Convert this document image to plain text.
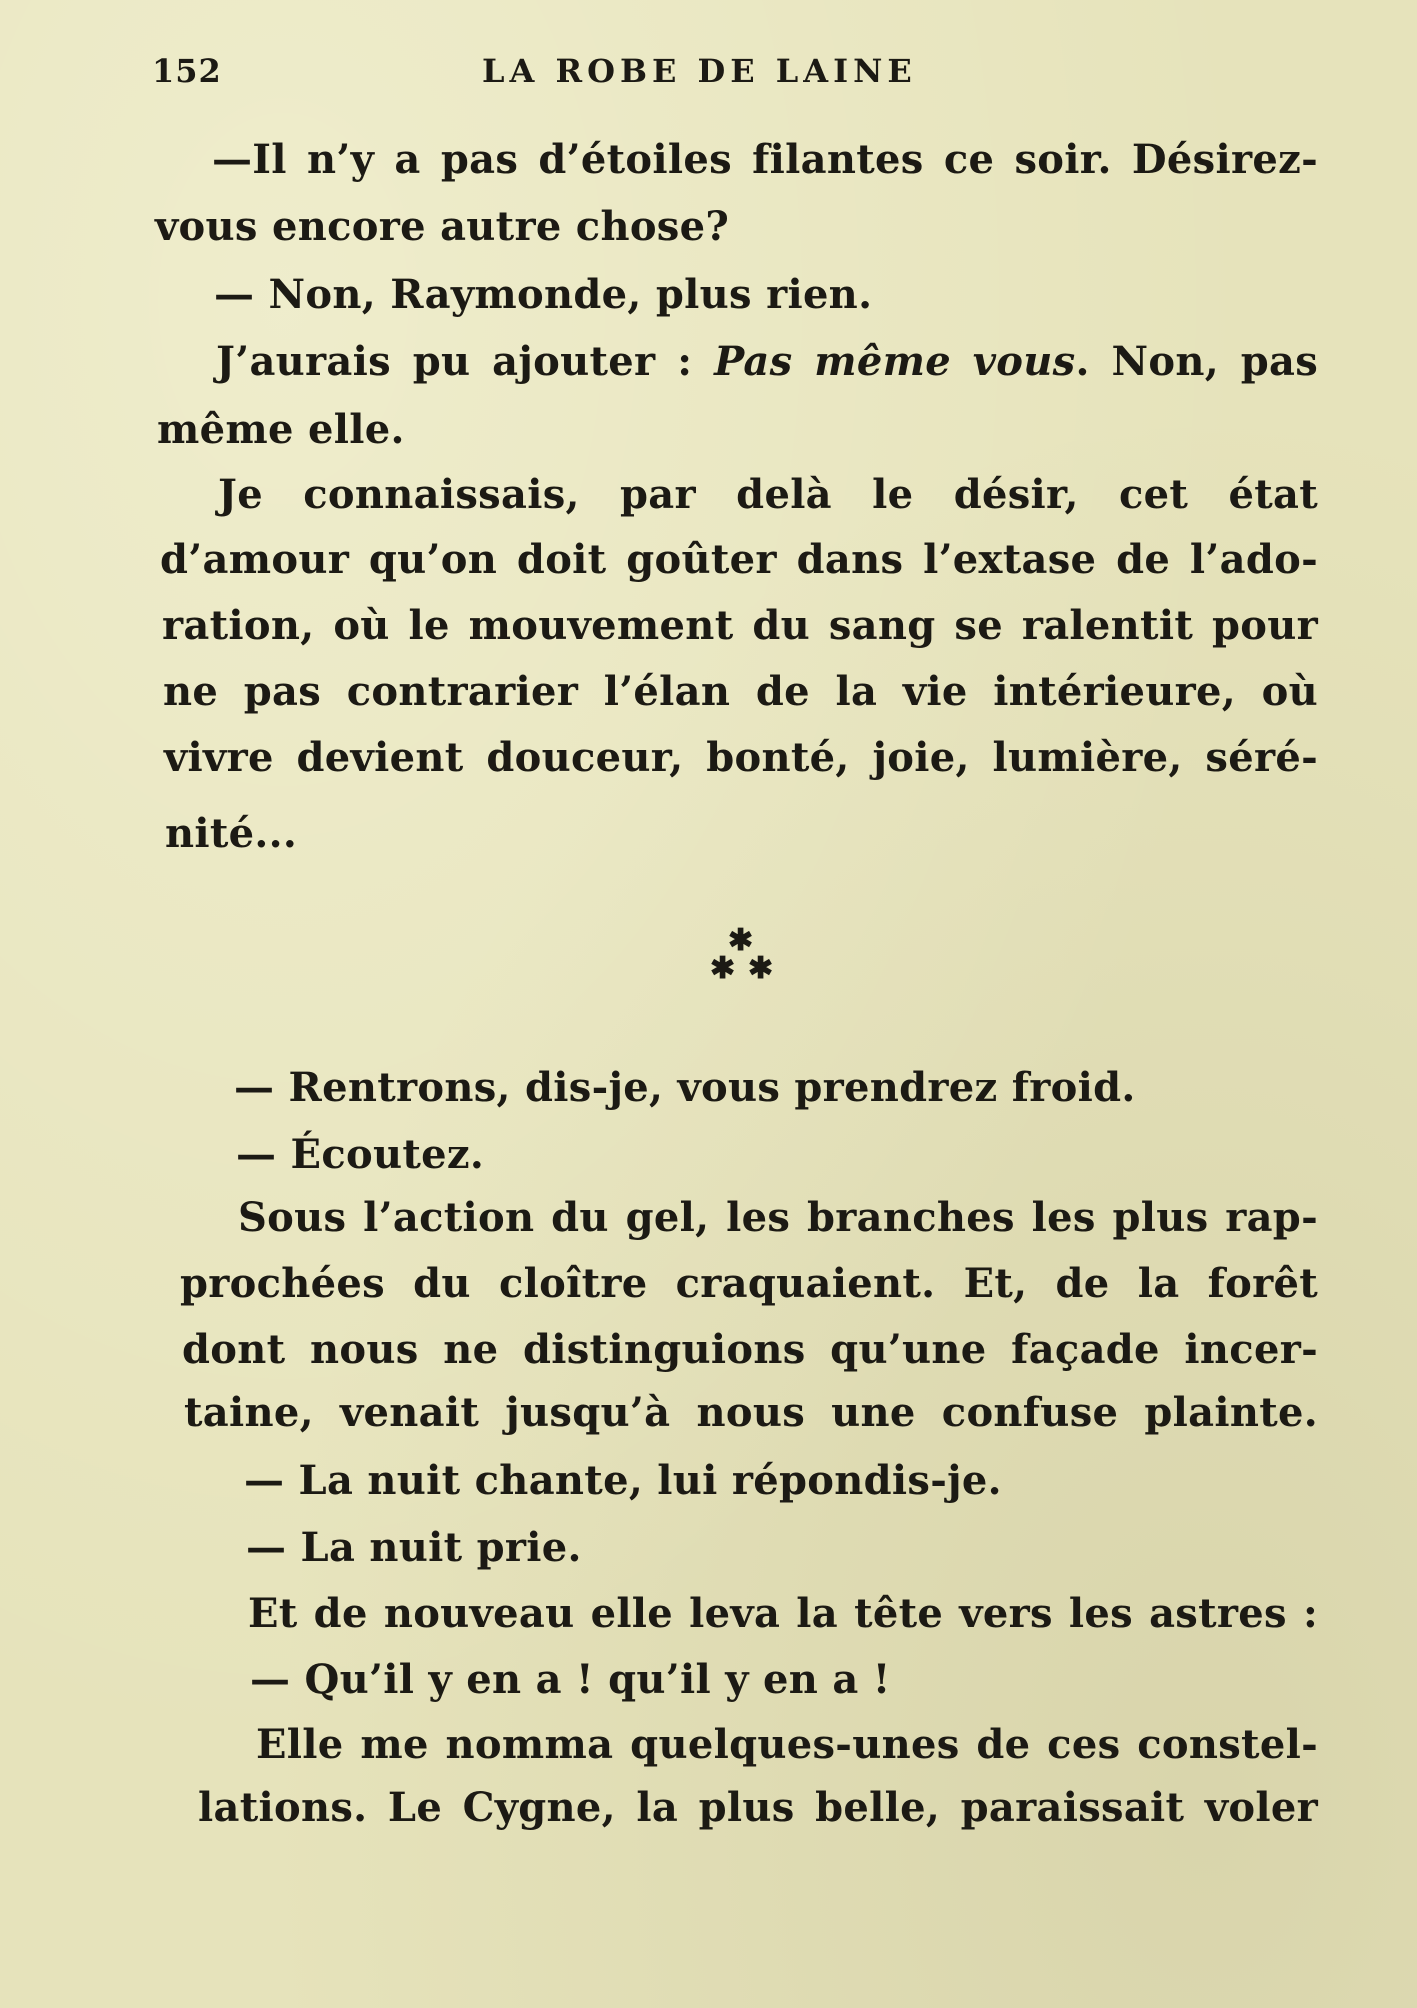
152	LA ROBE DE LAINE
—Il n’y a pas d’étoiles filantes ce soir. Désirez-
vous encore autre chose?
— Non, Raymonde, plus rien.
J’aurais pu ajouter : Pas même vous. Non, pas
même elle.
Je connaissais, par delà le désir, cet état
d’amour qu’on doit goûter dans l’extase de l’ado-
ration, où le mouvement du sang se ralentit pour
ne pas contrarier l’élan de la vie intérieure, où
vivre devient douceur, bonté, joie, lumière, séré-
nité...
✱
✱ ✱
— Rentrons, dis-je, vous prendrez froid.
— Écoutez.
Sous l’action du gel, les branches les plus rap-
prochées du cloître craquaient. Et, de la forêt
dont nous ne distinguions qu’une façade incer-
taine, venait jusqu’à nous une confuse plainte.
— La nuit chante, lui répondis-je.
— La nuit prie.
Et de nouveau elle leva la tête vers les astres :
— Qu’il y en a ! qu’il y en a !
Elle me nomma quelques-unes de ces constel-
lations. Le Cygne, la plus belle, paraissait voler
